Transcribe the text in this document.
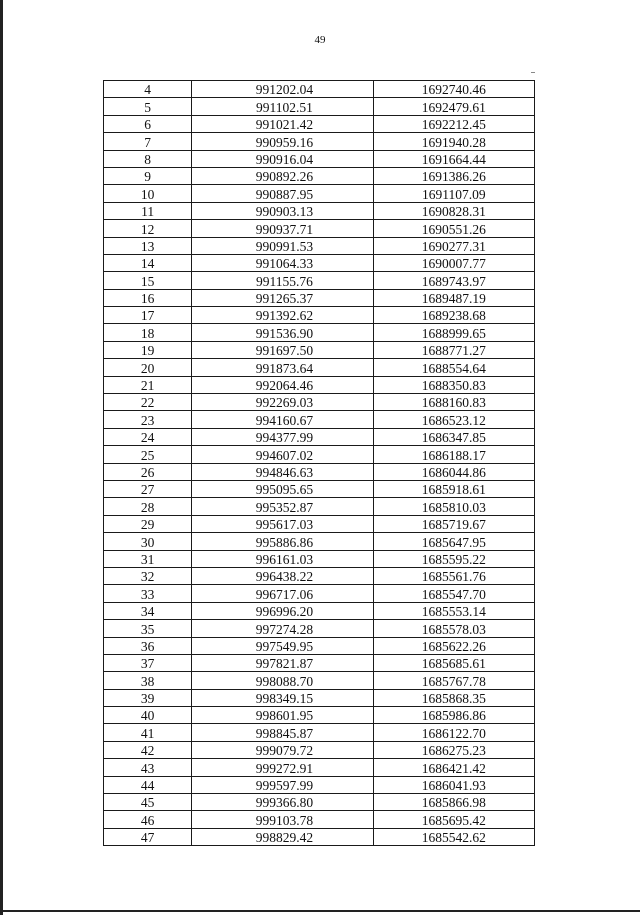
49
4	991202.04	1692740.46
5	991102.51	1692479.61
6	991021.42	1692212.45
7	990959.16	1691940.28
8	990916.04	1691664.44
9	990892.26	1691386.26
10	990887.95	1691107.09
11	990903.13	1690828.31
12	990937.71	1690551.26
13	990991.53	1690277.31
14	991064.33	1690007.77
15	991155.76	1689743.97
16	991265.37	1689487.19
17	991392.62	1689238.68
18	991536.90	1688999.65
19	991697.50	1688771.27
20	991873.64	1688554.64
21	992064.46	1688350.83
22	992269.03	1688160.83
23	994160.67	1686523.12
24	994377.99	1686347.85
25	994607.02	1686188.17
26	994846.63	1686044.86
27	995095.65	1685918.61
28	995352.87	1685810.03
29	995617.03	1685719.67
30	995886.86	1685647.95
31	996161.03	1685595.22
32	996438.22	1685561.76
33	996717.06	1685547.70
34	996996.20	1685553.14
35	997274.28	1685578.03
36	997549.95	1685622.26
37	997821.87	1685685.61
38	998088.70	1685767.78
39	998349.15	1685868.35
40	998601.95	1685986.86
41	998845.87	1686122.70
42	999079.72	1686275.23
43	999272.91	1686421.42
44	999597.99	1686041.93
45	999366.80	1685866.98
46	999103.78	1685695.42
47	998829.42	1685542.62
